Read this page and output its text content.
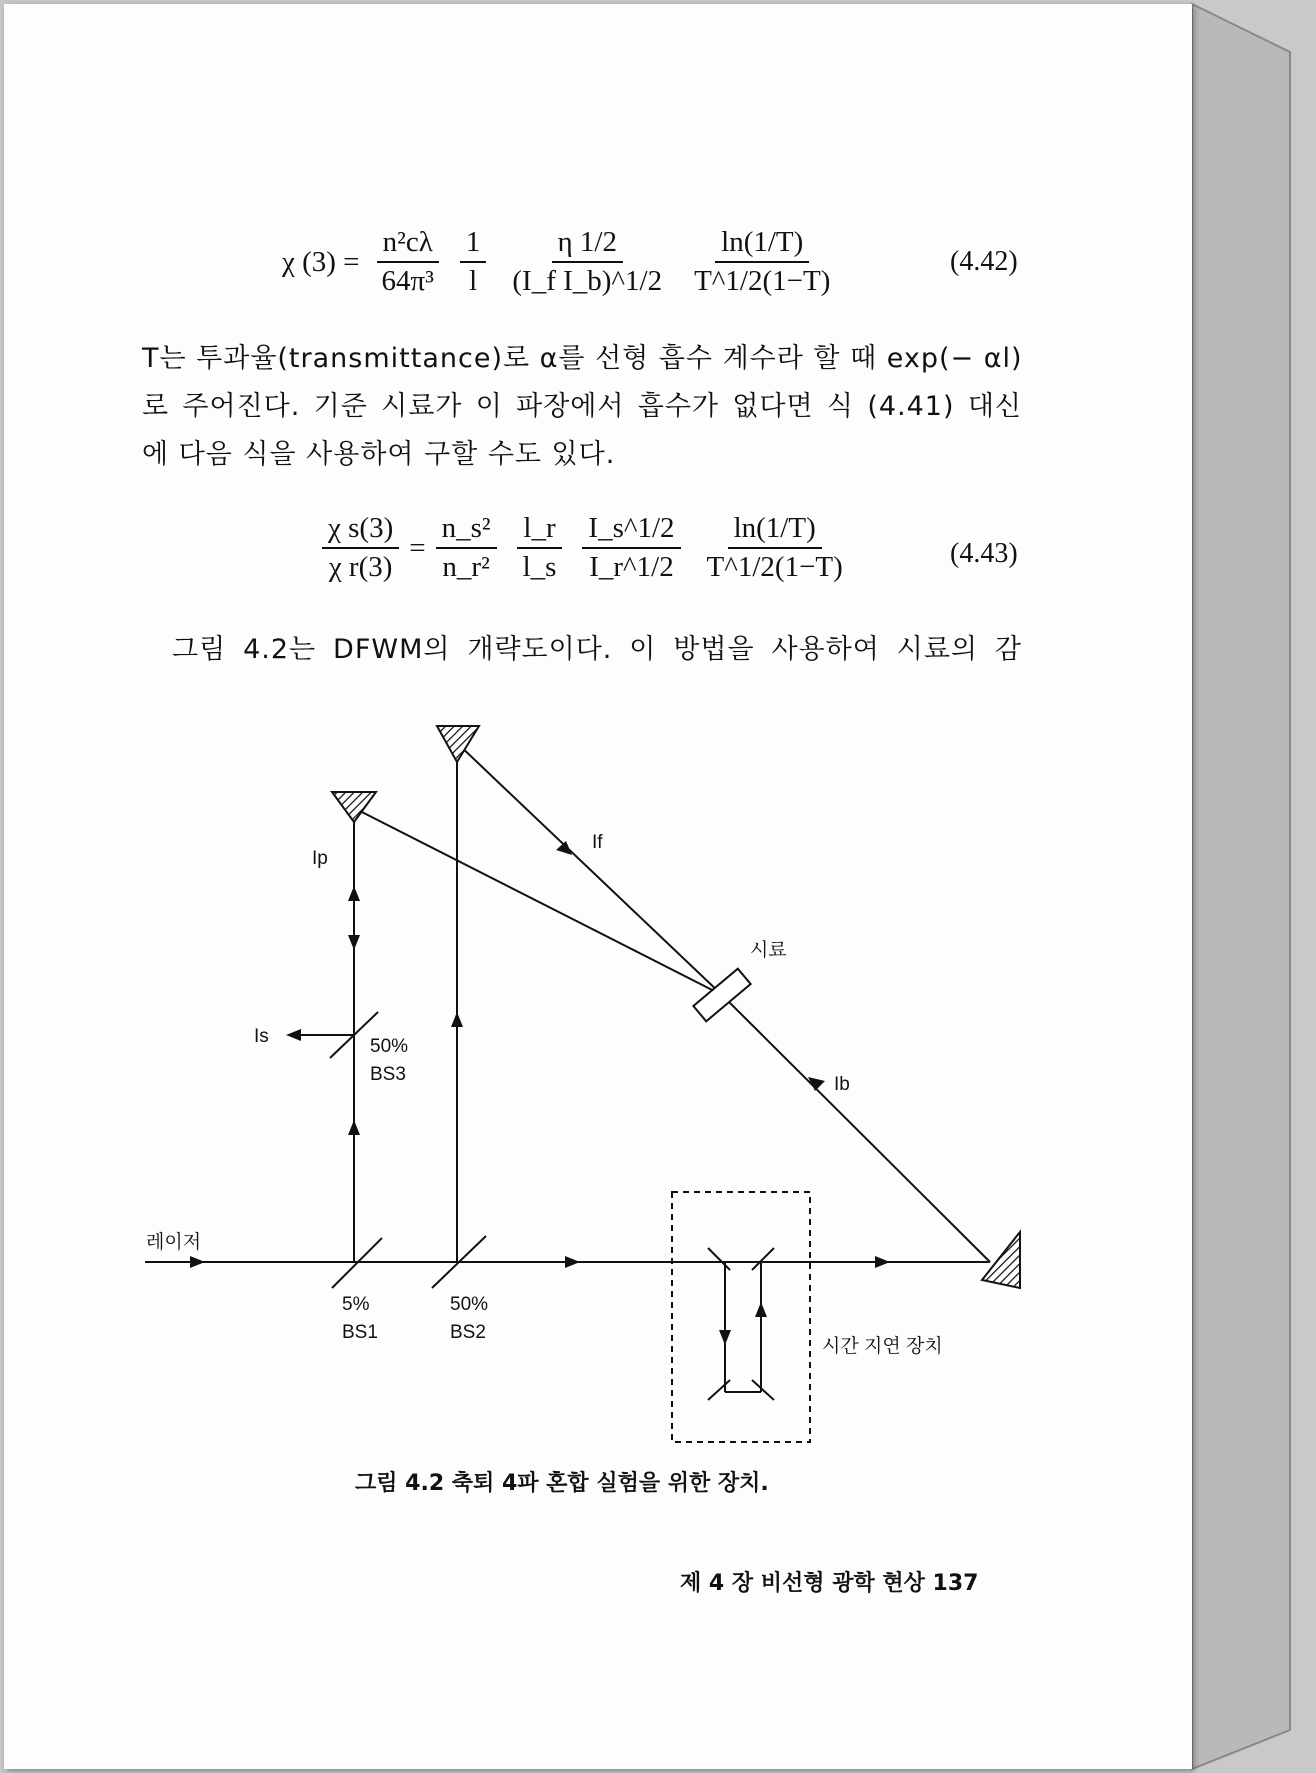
χ $(3) = \frac{\text{n²cλ}}{\text{64π³}} \frac{1}{l} \frac{\eta 1/2}{\text{(I\_f I\_b)\textasciicircum{}1/2}} \frac{\ln(1/T)}{T\^{}1/2(1-T)}$	(4.42)
T는 투과율(transmittance)로 α를 선형 흡수 계수라 할 때 exp(− αl)
로 주어진다. 기준 시료가 이 파장에서 흡수가 없다면 식 (4.41) 대신
에 다음 식을 사용하여 구할 수도 있다.
$\frac{\text{χ s(3)}}{\text{χ r(3)}} = \frac{\text{n\_s²}}{\text{n\_r²}} \frac{l\_r}{l\_s} \frac{I\_s\^{}1/2}{I\_r\^{}1/2} \frac{\ln(1/T)}{T\^{}1/2(1-T)}$	(4.43)
그림 4.2는 DFWM의 개략도이다. 이 방법을 사용하여 시료의 감
레이저
Ip
If
Ib
Is
시료
50%
BS3
5%
BS1
50%
BS2
시간 지연 장치
그림 4.2 축퇴 4파 혼합 실험을 위한 장치.
제 4 장 비선형 광학 현상 137
